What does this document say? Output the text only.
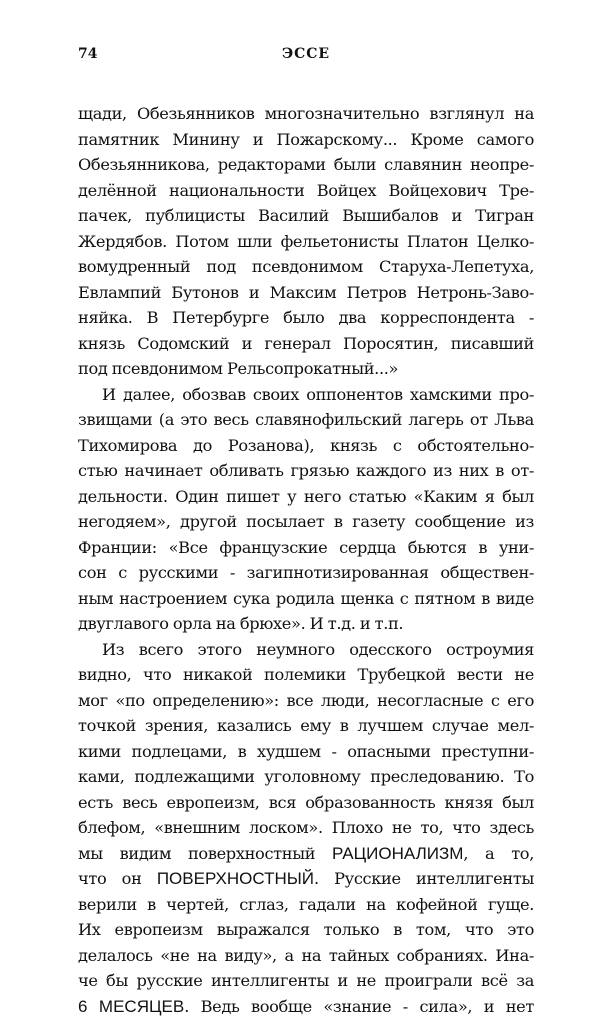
74	ЭССЕ
щади, Обезьянников многозначительно взглянул на
памятник Минину и Пожарскому... Кроме самого
Обезьянникова, редакторами были славянин неопре-
делённой национальности Войцех Войцехович Тре-
пачек, публицисты Василий Вышибалов и Тигран
Жердябов. Потом шли фельетонисты Платон Целко-
вомудренный под псевдонимом Старуха-Лепетуха,
Евлампий Бутонов и Максим Петров Нетронь-Заво-
няйка. В Петербурге было два корреспондента -
князь Содомский и генерал Поросятин, писавший
под псевдонимом Рельсопрокатный...»
И далее, обозвав своих оппонентов хамскими про-
звищами (а это весь славянофильский лагерь от Льва
Тихомирова до Розанова), князь с обстоятельно-
стью начинает обливать грязью каждого из них в от-
дельности. Один пишет у него статью «Каким я был
негодяем», другой посылает в газету сообщение из
Франции: «Все французские сердца бьются в уни-
сон с русскими - загипнотизированная обществен-
ным настроением сука родила щенка с пятном в виде
двуглавого орла на брюхе». И т.д. и т.п.
Из всего этого неумного одесского остроумия
видно, что никакой полемики Трубецкой вести не
мог «по определению»: все люди, несогласные с его
точкой зрения, казались ему в лучшем случае мел-
кими подлецами, в худшем - опасными преступни-
ками, подлежащими уголовному преследованию. То
есть весь европеизм, вся образованность князя был
блефом, «внешним лоском». Плохо не то, что здесь
мы видим поверхностный РАЦИОНАЛИЗМ, а то,
что он ПОВЕРХНОСТНЫЙ. Русские интеллигенты
верили в чертей, сглаз, гадали на кофейной гуще.
Их европеизм выражался только в том, что это
делалось «не на виду», а на тайных собраниях. Ина-
че бы русские интеллигенты и не проиграли всё за
6 МЕСЯЦЕВ. Ведь вообще «знание - сила», и нет
